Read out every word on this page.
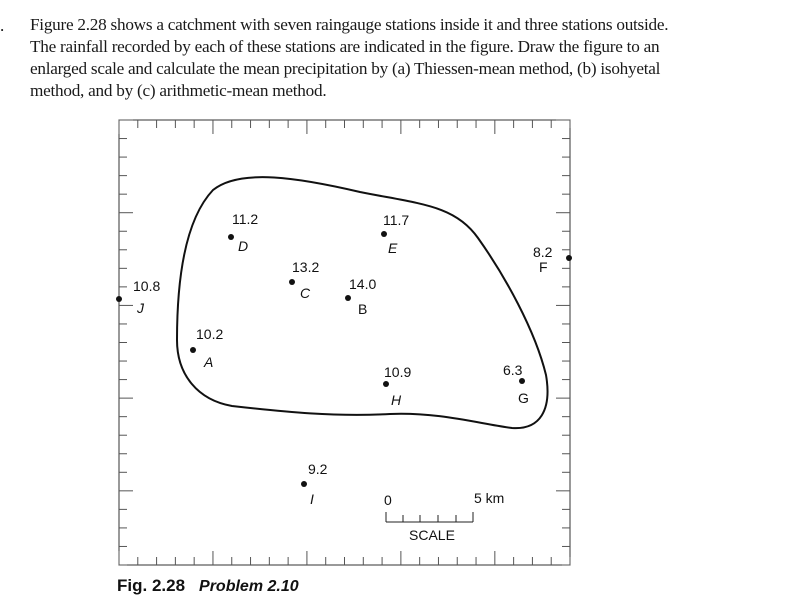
. Figure 2.28 shows a catchment with seven raingauge stations inside it and three stations outside. The rainfall recorded by each of these stations are indicated in the figure. Draw the figure to an enlarged scale and calculate the mean precipitation by (a) Thiessen-mean method, (b) isohyetal method, and by (c) arithmetic-mean method.

11.2
D
11.7
E	8.2
F
13.2
C
14.0
B
10.8
J
10.2
A
10.9
H
6.3
G
9.2
I	0	5 km
SCALE
Fig. 2.28 Problem 2.10
